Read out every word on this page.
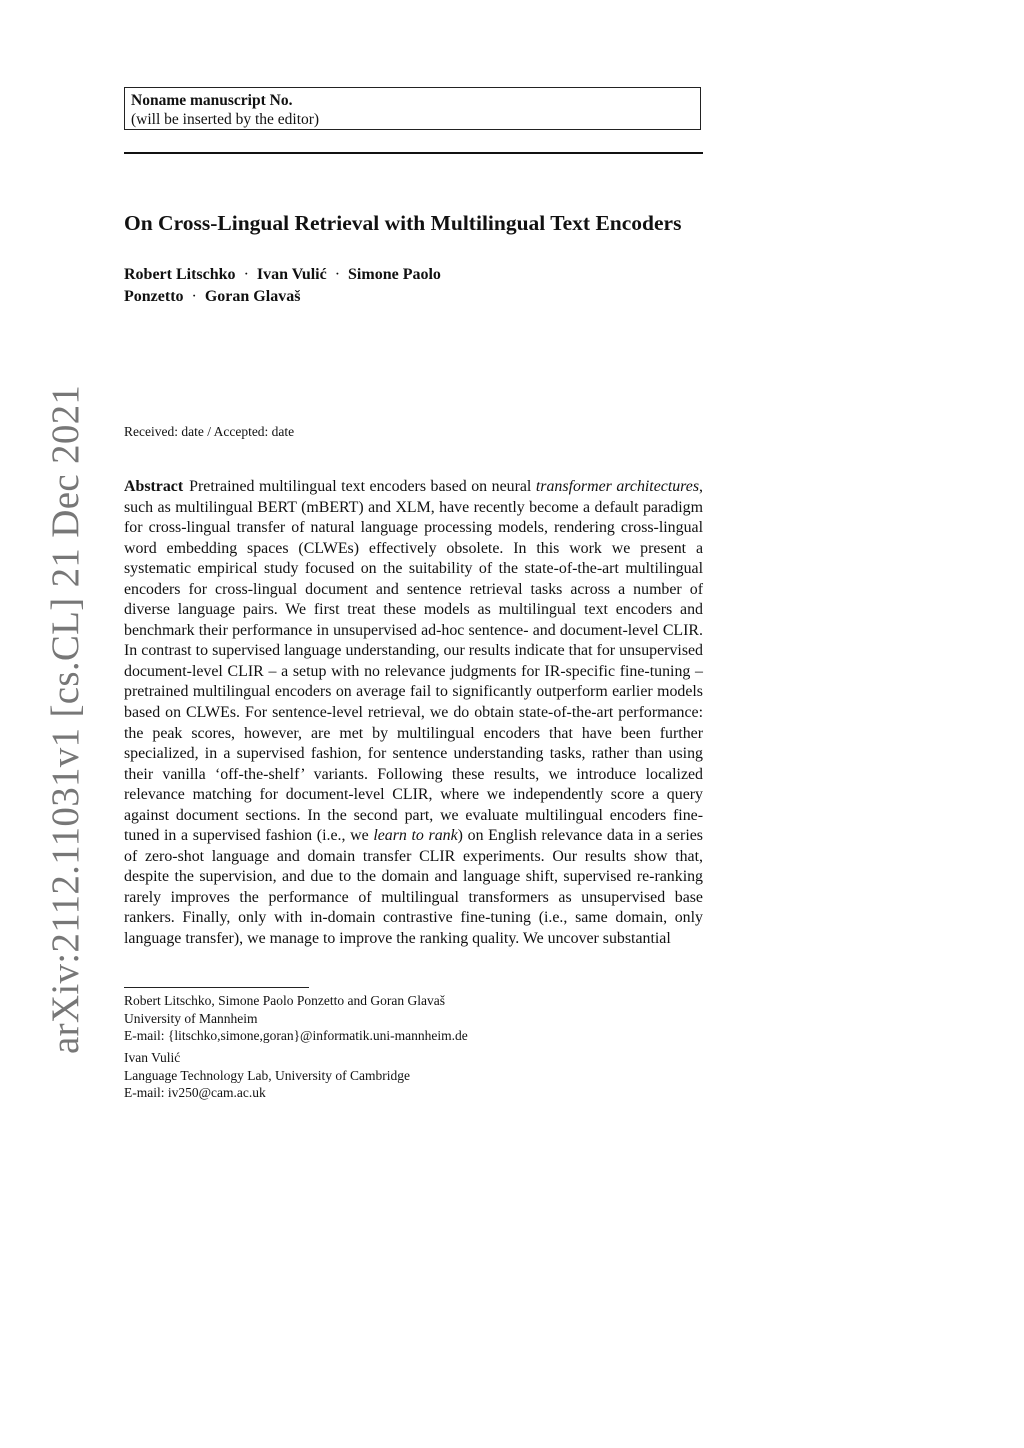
arXiv:2112.11031v1 [cs.CL] 21 Dec 2021
Noname manuscript No.
(will be inserted by the editor)
On Cross-Lingual Retrieval with Multilingual Text Encoders
Robert Litschko · Ivan Vulić · Simone Paolo Ponzetto · Goran Glavaš
Received: date / Accepted: date
Abstract Pretrained multilingual text encoders based on neural transformer architectures, such as multilingual BERT (mBERT) and XLM, have recently become a default paradigm for cross-lingual transfer of natural language processing models, rendering cross-lingual word embedding spaces (CLWEs) effectively obsolete. In this work we present a systematic empirical study focused on the suitability of the state-of-the-art multilingual encoders for cross-lingual document and sentence retrieval tasks across a number of diverse language pairs. We first treat these models as multilingual text encoders and benchmark their performance in unsupervised ad-hoc sentence- and document-level CLIR. In contrast to supervised language understanding, our results indicate that for unsupervised document-level CLIR – a setup with no relevance judgments for IR-specific fine-tuning – pretrained multilingual encoders on average fail to significantly outperform earlier models based on CLWEs. For sentence-level retrieval, we do obtain state-of-the-art performance: the peak scores, however, are met by multilingual encoders that have been further specialized, in a supervised fashion, for sentence understanding tasks, rather than using their vanilla ‘off-the-shelf’ variants. Following these results, we introduce localized relevance matching for document-level CLIR, where we independently score a query against document sections. In the second part, we evaluate multilingual encoders fine-tuned in a supervised fashion (i.e., we learn to rank) on English relevance data in a series of zero-shot language and domain transfer CLIR experiments. Our results show that, despite the supervision, and due to the domain and language shift, supervised re-ranking rarely improves the performance of multilingual transformers as unsupervised base rankers. Finally, only with in-domain contrastive fine-tuning (i.e., same domain, only language transfer), we manage to improve the ranking quality. We uncover substantial
Robert Litschko, Simone Paolo Ponzetto and Goran Glavaš
University of Mannheim
E-mail: {litschko,simone,goran}@informatik.uni-mannheim.de
Ivan Vulić
Language Technology Lab, University of Cambridge
E-mail: iv250@cam.ac.uk
